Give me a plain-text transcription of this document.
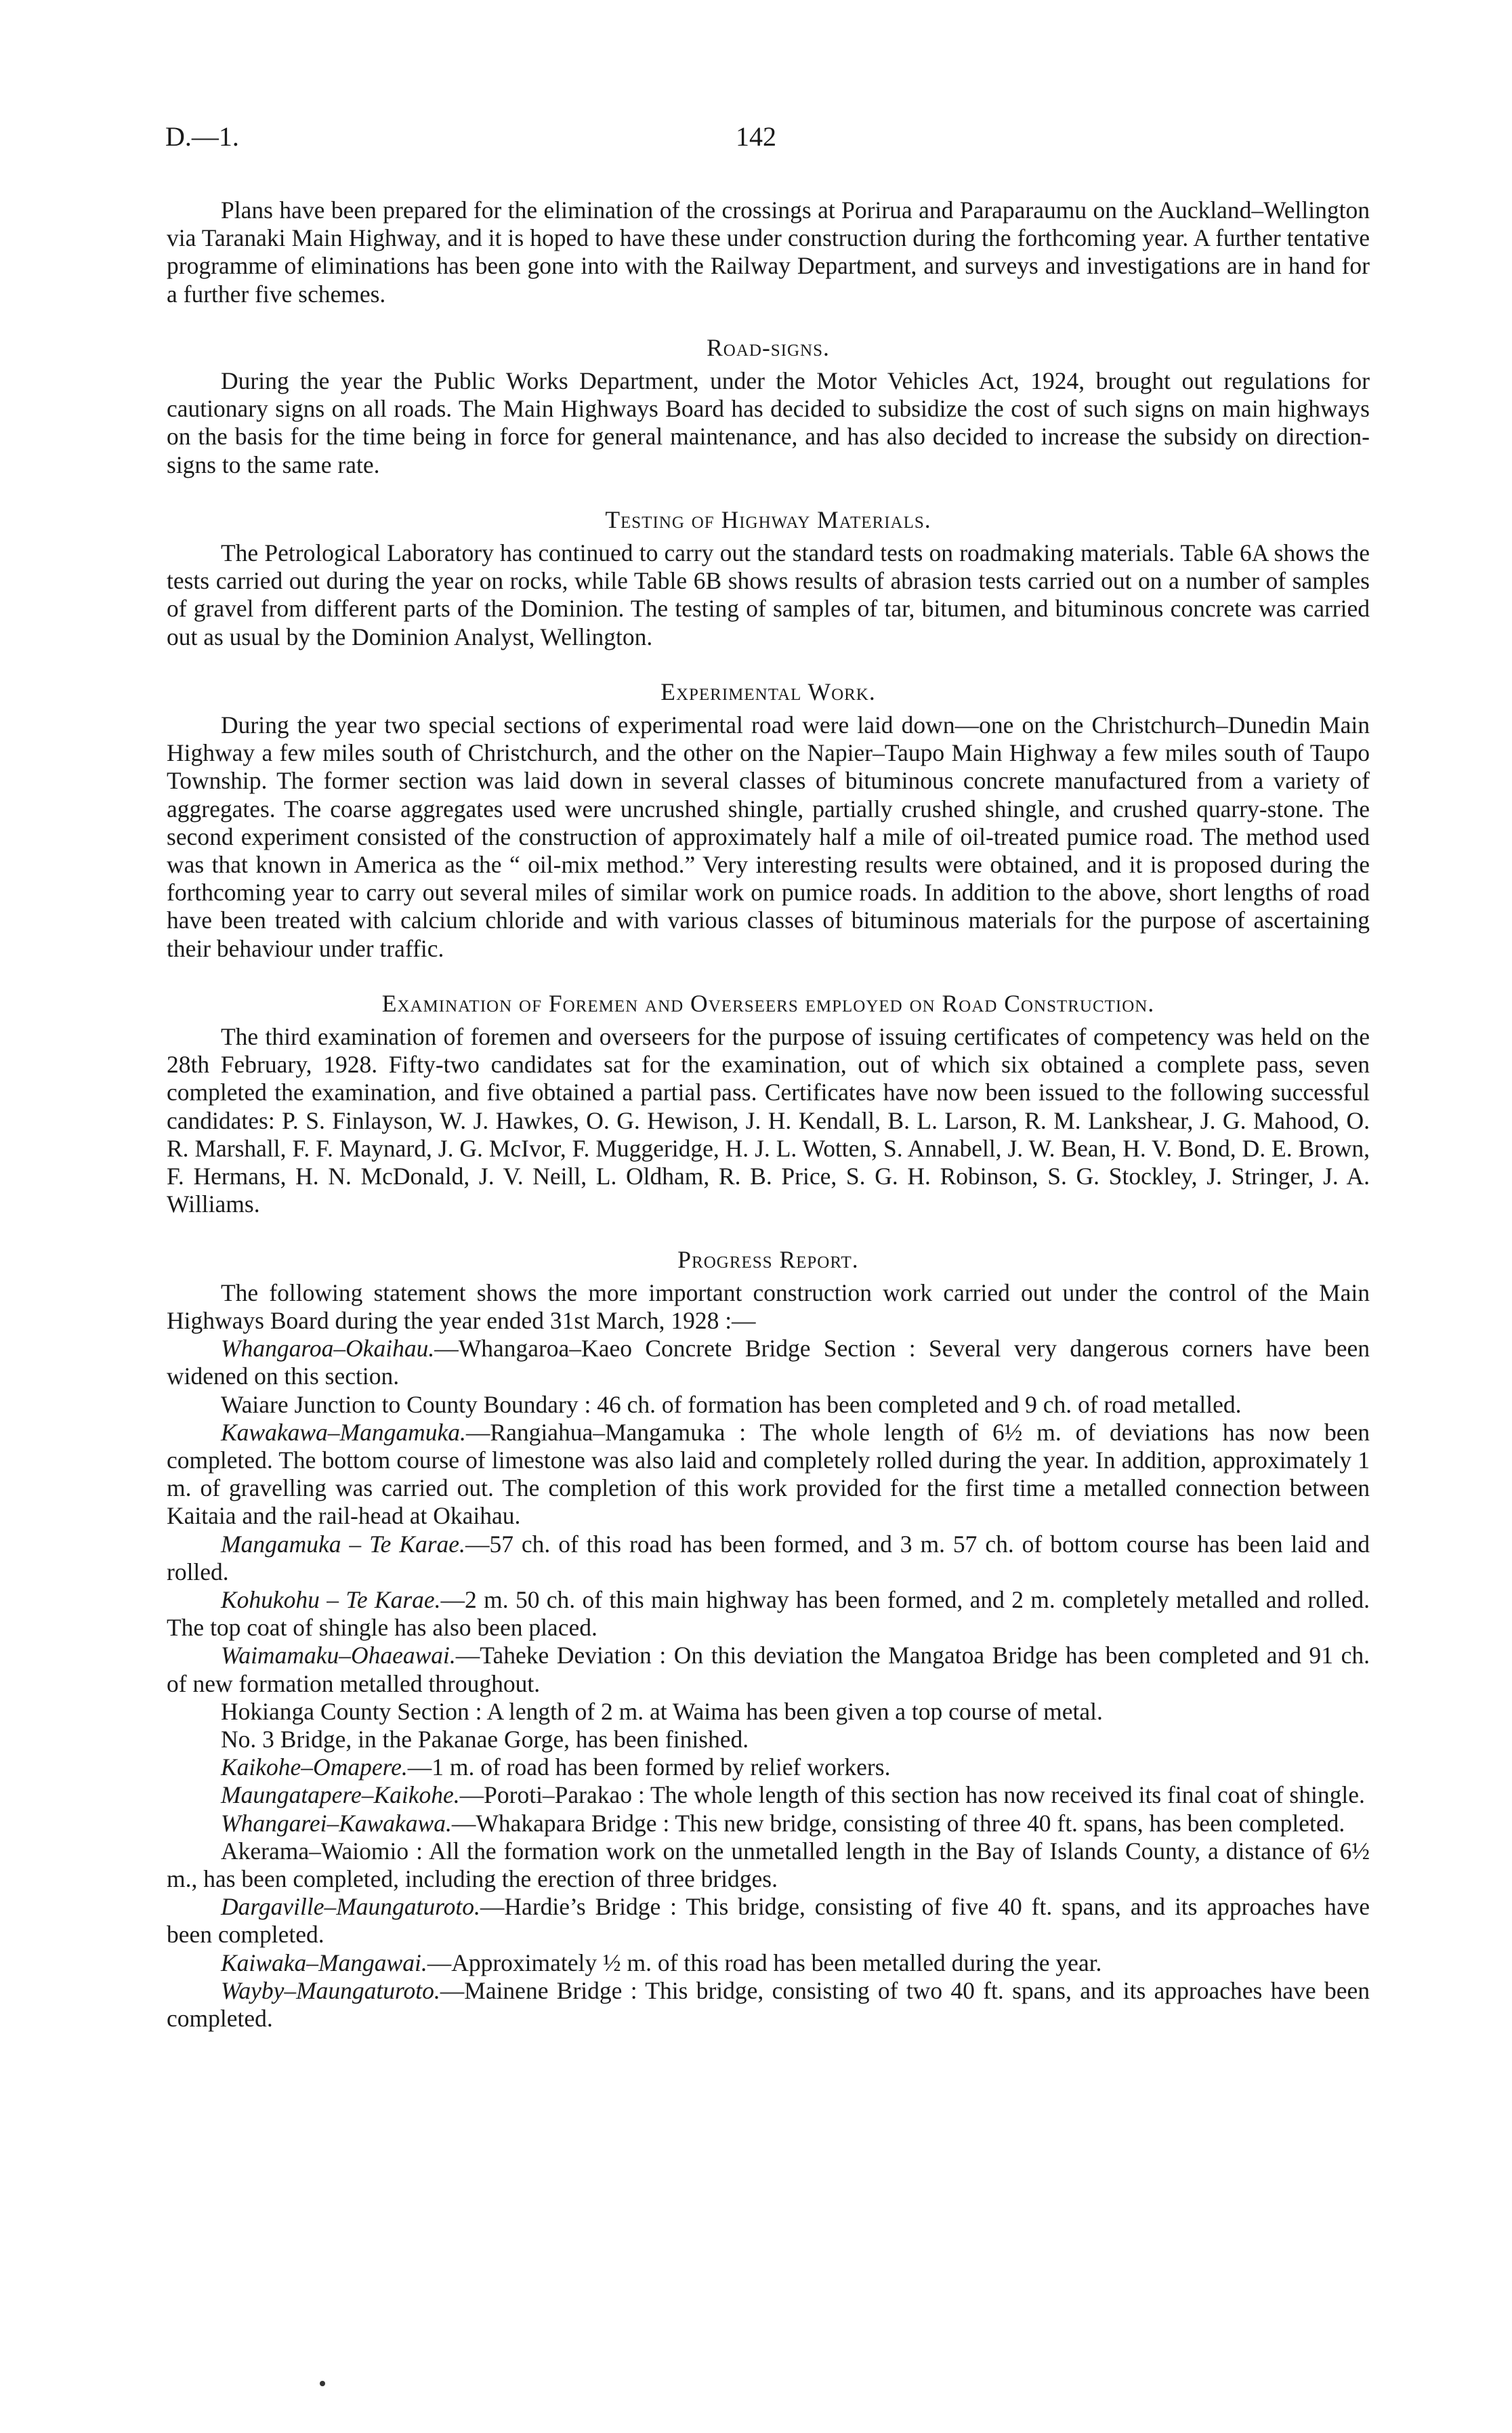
D.—1.	142

Plans have been prepared for the elimination of the crossings at Porirua and Paraparaumu on the Auckland–Wellington via Taranaki Main Highway, and it is hoped to have these under construction during the forthcoming year. A further tentative programme of eliminations has been gone into with the Railway Department, and surveys and investigations are in hand for a further five schemes.

Road-signs.

During the year the Public Works Department, under the Motor Vehicles Act, 1924, brought out regulations for cautionary signs on all roads. The Main Highways Board has decided to subsidize the cost of such signs on main highways on the basis for the time being in force for general maintenance, and has also decided to increase the subsidy on direction-signs to the same rate.

Testing of Highway Materials.

The Petrological Laboratory has continued to carry out the standard tests on roadmaking materials. Table 6A shows the tests carried out during the year on rocks, while Table 6B shows results of abrasion tests carried out on a number of samples of gravel from different parts of the Dominion. The testing of samples of tar, bitumen, and bituminous concrete was carried out as usual by the Dominion Analyst, Wellington.

Experimental Work.

During the year two special sections of experimental road were laid down—one on the Christchurch–Dunedin Main Highway a few miles south of Christchurch, and the other on the Napier–Taupo Main Highway a few miles south of Taupo Township. The former section was laid down in several classes of bituminous concrete manufactured from a variety of aggregates. The coarse aggregates used were uncrushed shingle, partially crushed shingle, and crushed quarry-stone. The second experiment consisted of the construction of approximately half a mile of oil-treated pumice road. The method used was that known in America as the “ oil-mix method.” Very interesting results were obtained, and it is proposed during the forthcoming year to carry out several miles of similar work on pumice roads. In addition to the above, short lengths of road have been treated with calcium chloride and with various classes of bituminous materials for the purpose of ascertaining their behaviour under traffic.

Examination of Foremen and Overseers employed on Road Construction.

The third examination of foremen and overseers for the purpose of issuing certificates of competency was held on the 28th February, 1928. Fifty-two candidates sat for the examination, out of which six obtained a complete pass, seven completed the examination, and five obtained a partial pass. Certificates have now been issued to the following successful candidates: P. S. Finlayson, W. J. Hawkes, O. G. Hewison, J. H. Kendall, B. L. Larson, R. M. Lankshear, J. G. Mahood, O. R. Marshall, F. F. Maynard, J. G. McIvor, F. Muggeridge, H. J. L. Wotten, S. Annabell, J. W. Bean, H. V. Bond, D. E. Brown, F. Hermans, H. N. McDonald, J. V. Neill, L. Oldham, R. B. Price, S. G. H. Robinson, S. G. Stockley, J. Stringer, J. A. Williams.

Progress Report.

The following statement shows the more important construction work carried out under the control of the Main Highways Board during the year ended 31st March, 1928 :—

Whangaroa–Okaihau.—Whangaroa–Kaeo Concrete Bridge Section : Several very dangerous corners have been widened on this section.

Waiare Junction to County Boundary : 46 ch. of formation has been completed and 9 ch. of road metalled.

Kawakawa–Mangamuka.—Rangiahua–Mangamuka : The whole length of 6½ m. of deviations has now been completed. The bottom course of limestone was also laid and completely rolled during the year. In addition, approximately 1 m. of gravelling was carried out. The completion of this work provided for the first time a metalled connection between Kaitaia and the rail-head at Okaihau.

Mangamuka – Te Karae.—57 ch. of this road has been formed, and 3 m. 57 ch. of bottom course has been laid and rolled.

Kohukohu – Te Karae.—2 m. 50 ch. of this main highway has been formed, and 2 m. completely metalled and rolled. The top coat of shingle has also been placed.

Waimamaku–Ohaeawai.—Taheke Deviation : On this deviation the Mangatoa Bridge has been completed and 91 ch. of new formation metalled throughout.

Hokianga County Section : A length of 2 m. at Waima has been given a top course of metal.

No. 3 Bridge, in the Pakanae Gorge, has been finished.

Kaikohe–Omapere.—1 m. of road has been formed by relief workers.

Maungatapere–Kaikohe.—Poroti–Parakao : The whole length of this section has now received its final coat of shingle.

Whangarei–Kawakawa.—Whakapara Bridge : This new bridge, consisting of three 40 ft. spans, has been completed.

Akerama–Waiomio : All the formation work on the unmetalled length in the Bay of Islands County, a distance of 6½ m., has been completed, including the erection of three bridges.

Dargaville–Maungaturoto.—Hardie’s Bridge : This bridge, consisting of five 40 ft. spans, and its approaches have been completed.

Kaiwaka–Mangawai.—Approximately ½ m. of this road has been metalled during the year.

Wayby–Maungaturoto.—Mainene Bridge : This bridge, consisting of two 40 ft. spans, and its approaches have been completed.
